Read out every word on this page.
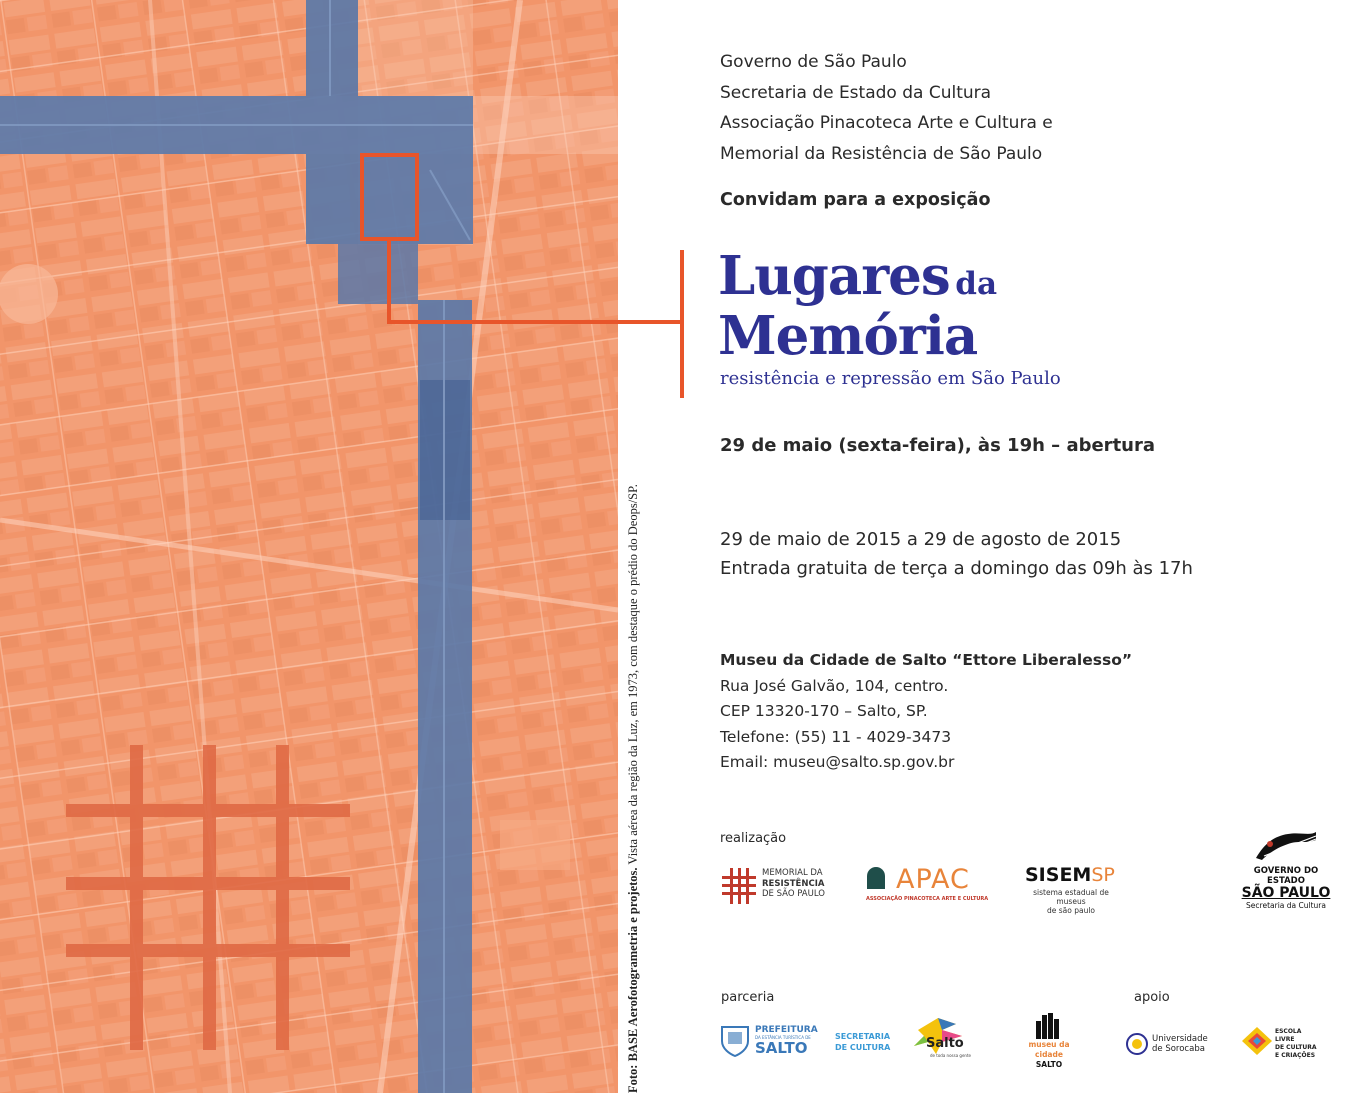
Foto: BASE Aerofotogrametria e projetos. Vista aérea da região da Luz, em 1973, com destaque o prédio do Deops/SP.
Governo de São Paulo
Secretaria de Estado da Cultura
Associação Pinacoteca Arte e Cultura e
Memorial da Resistência de São Paulo
Convidam para a exposição
Lugares da
Memória
resistência e repressão em São Paulo
29 de maio (sexta-feira), às 19h – abertura
29 de maio de 2015 a 29 de agosto de 2015
Entrada gratuita de terça a domingo das 09h às 17h
Museu da Cidade de Salto “Ettore Liberalesso”
Rua José Galvão, 104, centro.
CEP 13320-170 – Salto, SP.
Telefone: (55) 11 - 4029-3473
Email: museu@salto.sp.gov.br
realização
parceria	apoio
MEMORIAL DA
RESISTÊNCIA
DE SÃO PAULO	APAC
ASSOCIAÇÃO PINACOTECA ARTE E CULTURA
SISEMSP
sistema estadual de museus
de são paulo
GOVERNO DO ESTADO
SÃO PAULO
Secretaria da Cultura
PREFEITURA
DA ESTÂNCIA TURÍSTICA DE
SALTO
SECRETARIA
DE CULTURA	Salto
de toda nossa gente
museu da cidade
SALTO
Universidade
de Sorocaba
ESCOLA LIVRE
DE CULTURA
E CRIAÇÕES
